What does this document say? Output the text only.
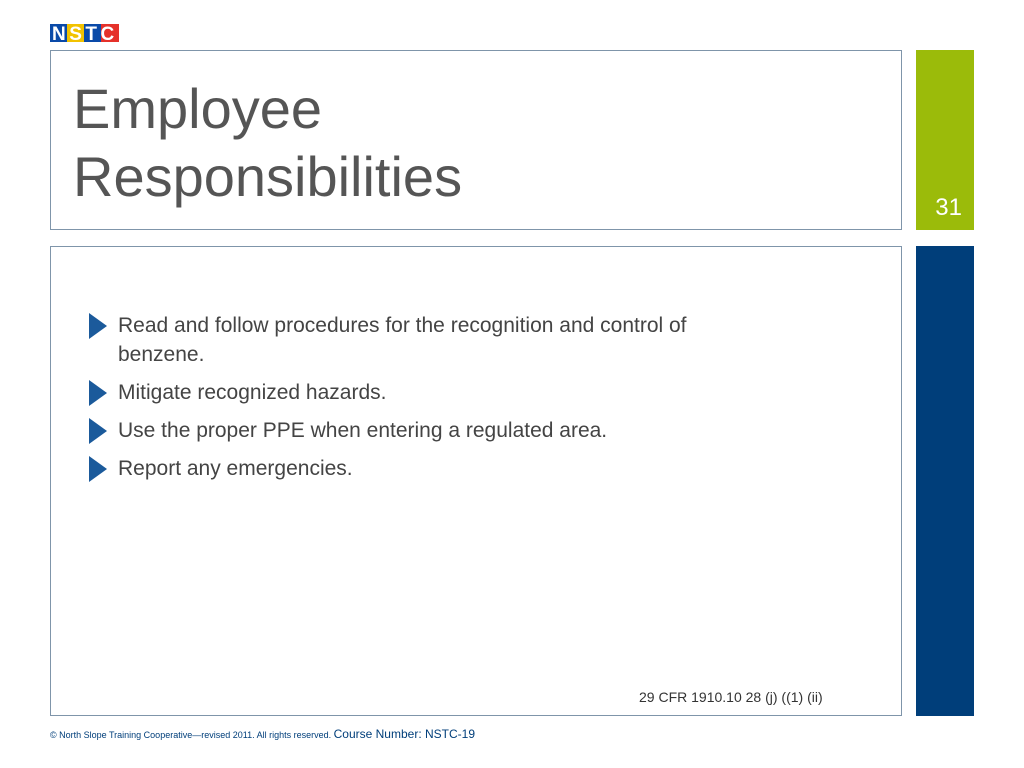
NSTC
Employee
Responsibilities	31
Read and follow procedures for the recognition and control of benzene.
Mitigate recognized hazards.
Use the proper PPE when entering a regulated area.
Report any emergencies.
29 CFR 1910.10 28 (j) ((1) (ii)
© North Slope Training Cooperative—revised 2011. All rights reserved. Course Number: NSTC-19
